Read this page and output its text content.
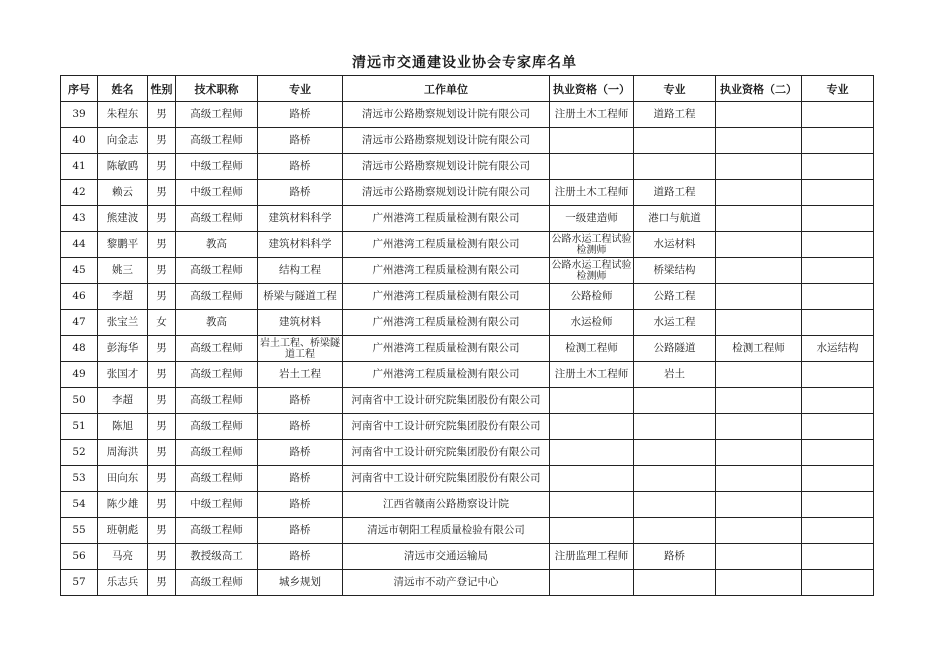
清远市交通建设业协会专家库名单
序号	姓名	性别	技术职称	专业	工作单位	执业资格（一）	专业	执业资格（二）	专业
39	朱程东	男	高级工程师	路桥	清远市公路勘察规划设计院有限公司	注册土木工程师	道路工程		
40	向金志	男	高级工程师	路桥	清远市公路勘察规划设计院有限公司				
41	陈敏鸥	男	中级工程师	路桥	清远市公路勘察规划设计院有限公司				
42	赖云	男	中级工程师	路桥	清远市公路勘察规划设计院有限公司	注册土木工程师	道路工程		
43	熊建波	男	高级工程师	建筑材料科学	广州港湾工程质量检测有限公司	一级建造师	港口与航道		
44	黎鹏平	男	教高	建筑材料科学	广州港湾工程质量检测有限公司	公路水运工程试验检测师	水运材料		
45	姚三	男	高级工程师	结构工程	广州港湾工程质量检测有限公司	公路水运工程试验检测师	桥梁结构		
46	李超	男	高级工程师	桥梁与隧道工程	广州港湾工程质量检测有限公司	公路检师	公路工程		
47	张宝兰	女	教高	建筑材料	广州港湾工程质量检测有限公司	水运检师	水运工程		
48	彭海华	男	高级工程师	岩土工程、桥梁隧道工程	广州港湾工程质量检测有限公司	检测工程师	公路隧道	检测工程师	水运结构
49	张国才	男	高级工程师	岩土工程	广州港湾工程质量检测有限公司	注册土木工程师	岩土		
50	李超	男	高级工程师	路桥	河南省中工设计研究院集团股份有限公司				
51	陈旭	男	高级工程师	路桥	河南省中工设计研究院集团股份有限公司				
52	周海洪	男	高级工程师	路桥	河南省中工设计研究院集团股份有限公司				
53	田向东	男	高级工程师	路桥	河南省中工设计研究院集团股份有限公司				
54	陈少雄	男	中级工程师	路桥	江西省赣南公路勘察设计院				
55	班朝彪	男	高级工程师	路桥	清远市朝阳工程质量检验有限公司				
56	马亮	男	教授级高工	路桥	清远市交通运输局	注册监理工程师	路桥		
57	乐志兵	男	高级工程师	城乡规划	清远市不动产登记中心				
